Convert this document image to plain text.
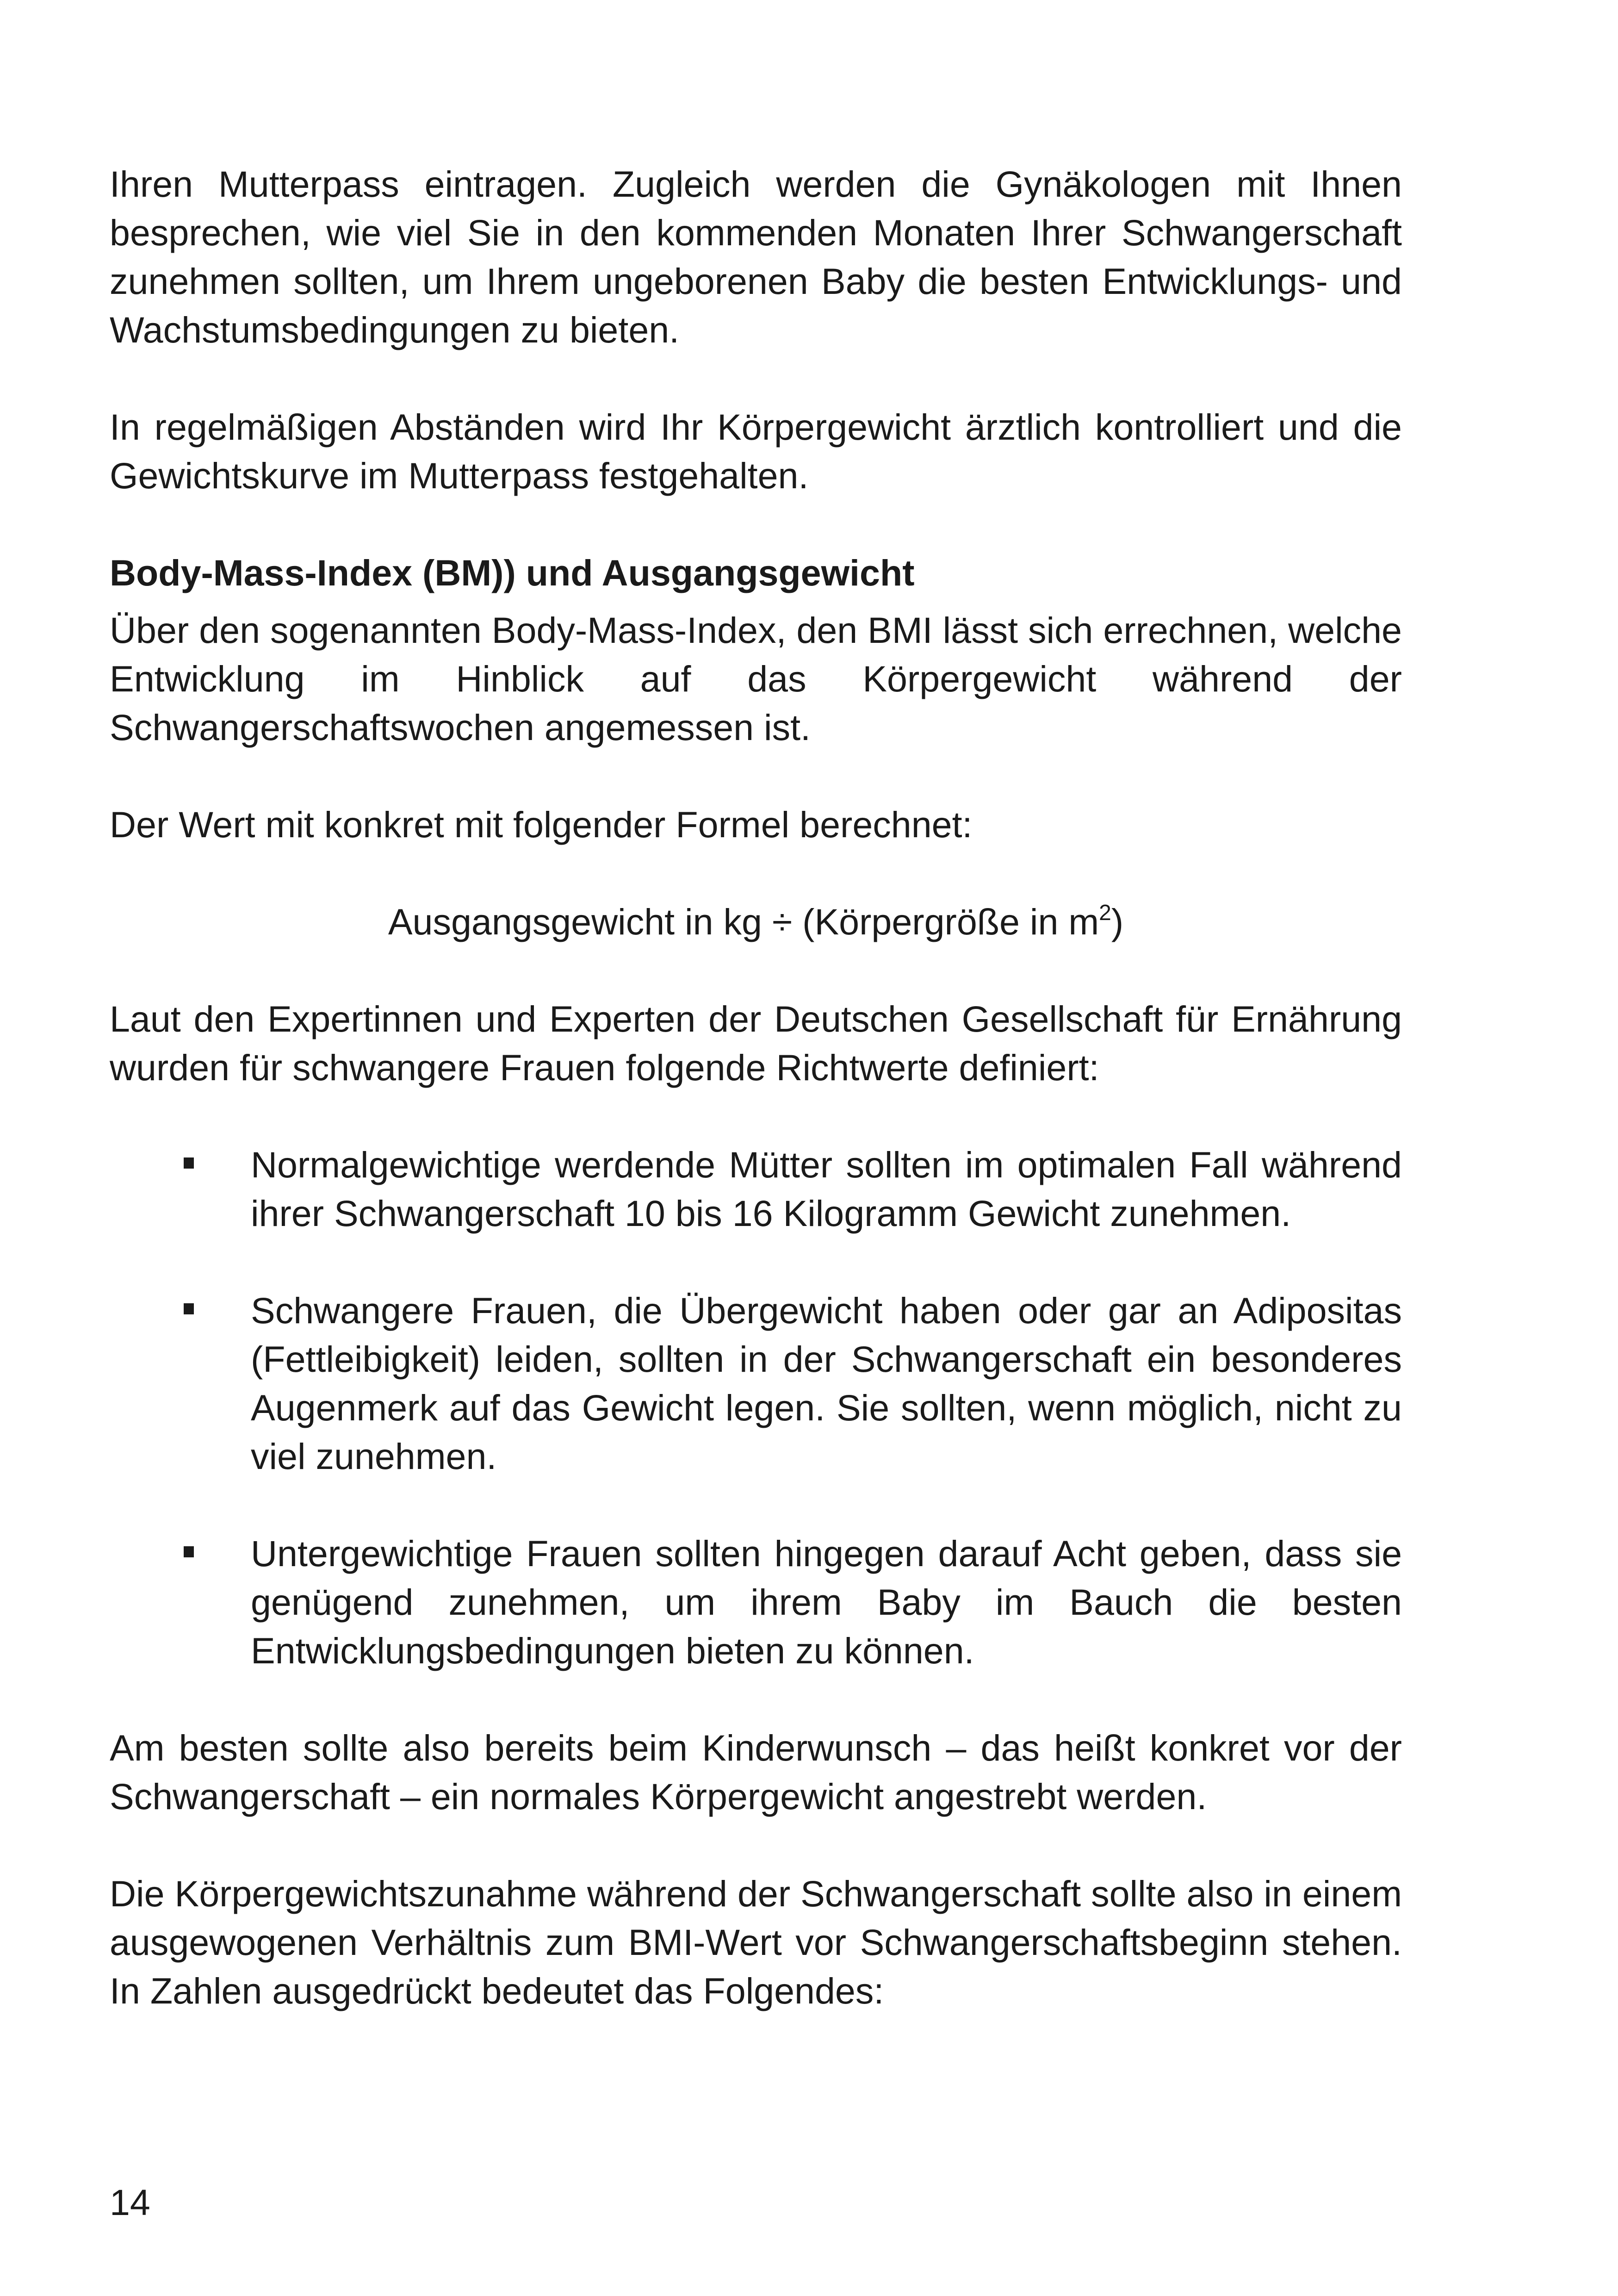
Ihren Mutterpass eintragen. Zugleich werden die Gynäkologen mit Ihnen besprechen, wie viel Sie in den kommenden Monaten Ihrer Schwangerschaft zunehmen sollten, um Ihrem ungeborenen Baby die besten Entwicklungs- und Wachstumsbedingungen zu bieten.

In regelmäßigen Abständen wird Ihr Körpergewicht ärztlich kontrolliert und die Gewichtskurve im Mutterpass festgehalten.

Body-Mass-Index (BM)) und Ausgangsgewicht

Über den sogenannten Body-Mass-Index, den BMI lässt sich errechnen, welche Entwicklung im Hinblick auf das Körpergewicht während der Schwangerschaftswochen angemessen ist.

Der Wert mit konkret mit folgender Formel berechnet:

Ausgangsgewicht in kg ÷ (Körpergröße in $m^2$)

Laut den Expertinnen und Experten der Deutschen Gesellschaft für Ernährung wurden für schwangere Frauen folgende Richtwerte definiert:

Normalgewichtige werdende Mütter sollten im optimalen Fall während ihrer Schwangerschaft 10 bis 16 Kilogramm Gewicht zunehmen.
Schwangere Frauen, die Übergewicht haben oder gar an Adipositas (Fettleibigkeit) leiden, sollten in der Schwangerschaft ein besonderes Augenmerk auf das Gewicht legen. Sie sollten, wenn möglich, nicht zu viel zunehmen.
Untergewichtige Frauen sollten hingegen darauf Acht geben, dass sie genügend zunehmen, um ihrem Baby im Bauch die besten Entwicklungsbedingungen bieten zu können.

Am besten sollte also bereits beim Kinderwunsch – das heißt konkret vor der Schwangerschaft – ein normales Körpergewicht angestrebt werden.

Die Körpergewichtszunahme während der Schwangerschaft sollte also in einem ausgewogenen Verhältnis zum BMI-Wert vor Schwangerschaftsbeginn stehen. In Zahlen ausgedrückt bedeutet das Folgendes:

14
